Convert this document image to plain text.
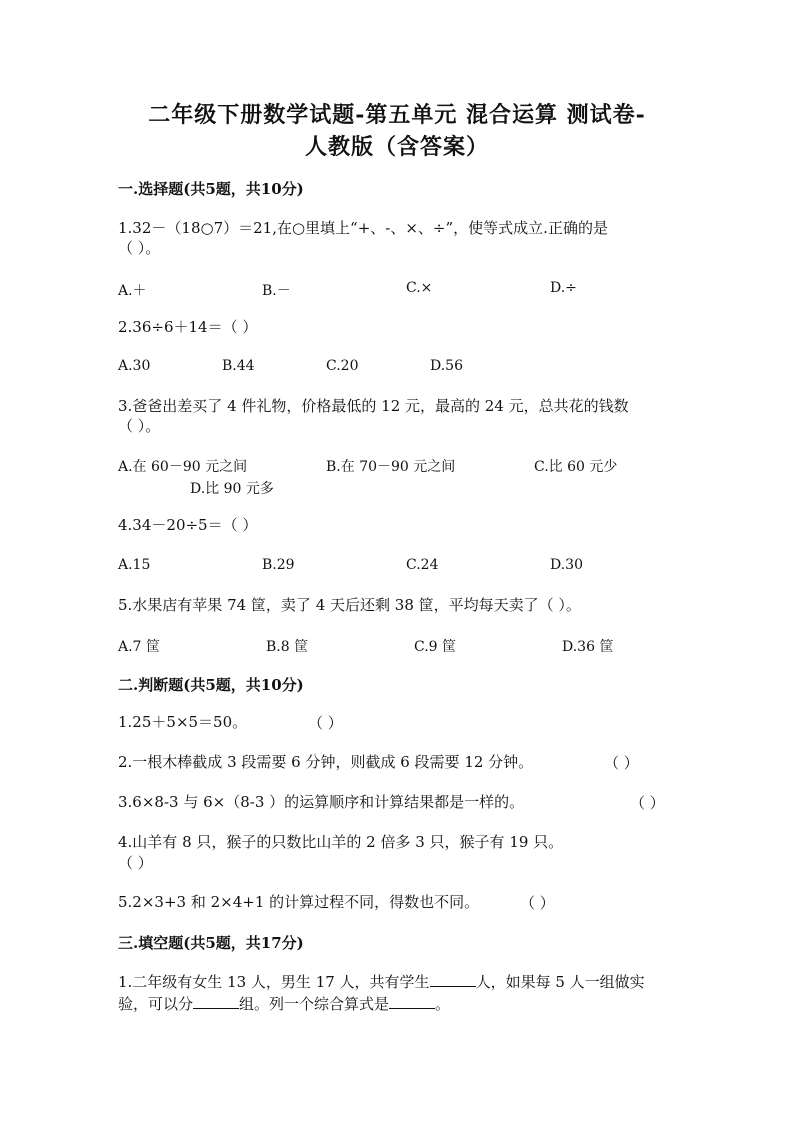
二年级下册数学试题-第五单元 混合运算 测试卷-
人教版（含答案）
一.选择题(共5题，共10分)
1.32－（18○7）＝21,在○里填上“+、-、×、÷”，使等式成立.正确的是
（ ）。
A.＋	B.－	C.×	D.÷
2.36÷6＋14＝（ ）
A.30	B.44	C.20	D.56
3.爸爸出差买了 4 件礼物，价格最低的 12 元，最高的 24 元，总共花的钱数
（ ）。
A.在 60－90 元之间	B.在 70－90 元之间	C.比 60 元少
D.比 90 元多
4.34－20÷5＝（ ）
A.15	B.29	C.24	D.30
5.水果店有苹果 74 筐，卖了 4 天后还剩 38 筐，平均每天卖了（ ）。
A.7 筐	B.8 筐	C.9 筐	D.36 筐
二.判断题(共5题，共10分)
1.25＋5×5＝50。	（ ）
2.一根木棒截成 3 段需要 6 分钟，则截成 6 段需要 12 分钟。	（ ）
3.6×8-3 与 6×（8-3 ）的运算顺序和计算结果都是一样的。	（ ）
4.山羊有 8 只，猴子的只数比山羊的 2 倍多 3 只，猴子有 19 只。
（ ）
5.2×3+3 和 2×4+1 的计算过程不同，得数也不同。	（ ）
三.填空题(共5题，共17分)
1.二年级有女生 13 人，男生 17 人，共有学生	人，如果每 5 人一组做实
验，可以分	组。列一个综合算式是	。
